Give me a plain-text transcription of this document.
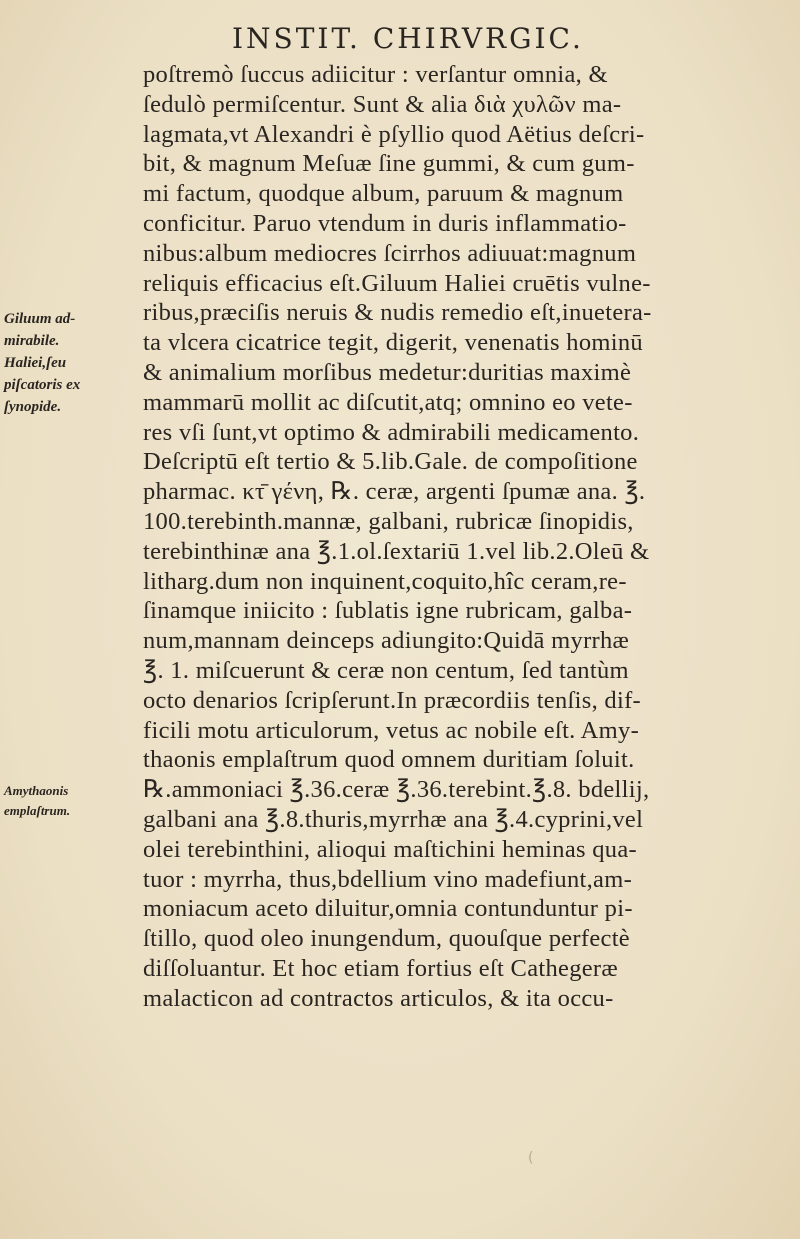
INSTIT. CHIRVRGIC.
Giluum ad-
mirabile.
Haliei,ſeu
piſcatoris ex
ſynopide.
Amythaonis
emplaſtrum.
poſtremò ſuccus adiicitur : verſantur omnia, &
ſedulò permiſcentur. Sunt & alia διὰ χυλῶν ma-
lagmata,vt Alexandri è pſyllio quod Aëtius deſcri-
bit, & magnum Meſuæ ſine gummi, & cum gum-
mi factum, quodque album, paruum & magnum
conficitur. Paruo vtendum in duris inflammatio-
nibus:album mediocres ſcirrhos adiuuat:magnum
reliquis efficacius eſt.Giluum Haliei cruētis vulne-
ribus,præciſis neruis & nudis remedio eſt,inuetera-
ta vlcera cicatrice tegit, digerit, venenatis hominū
& animalium morſibus medetur:duritias maximè
mammarū mollit ac diſcutit,atq; omnino eo vete-
res vſi ſunt,vt optimo & admirabili medicamento.
Deſcriptū eſt tertio & 5.lib.Gale. de compoſitione
pharmac. κτ̄ γένη, ℞. ceræ, argenti ſpumæ ana. ℥.
100.terebinth.mannæ, galbani, rubricæ ſinopidis,
terebinthinæ ana ℥.1.ol.ſextariū 1.vel lib.2.Oleū &
litharg.dum non inquinent,coquito,hîc ceram,re-
ſinamque iniicito : ſublatis igne rubricam, galba-
num,mannam deinceps adiungito:Quidā myrrhæ
℥. 1. miſcuerunt & ceræ non centum, ſed tantùm
octo denarios ſcripſerunt.In præcordiis tenſis, dif-
ficili motu articulorum, vetus ac nobile eſt. Amy-
thaonis emplaſtrum quod omnem duritiam ſoluit.
℞.ammoniaci ℥.36.ceræ ℥.36.terebint.℥.8. bdellij,
galbani ana ℥.8.thuris,myrrhæ ana ℥.4.cyprini,vel
olei terebinthini, alioqui maſtichini heminas qua-
tuor : myrrha, thus,bdellium vino madefiunt,am-
moniacum aceto diluitur,omnia contunduntur pi-
ſtillo, quod oleo inungendum, quouſque perfectè
diſſoluantur. Et hoc etiam fortius eſt Cathegeræ
malacticon ad contractos articulos, & ita occu-
(
